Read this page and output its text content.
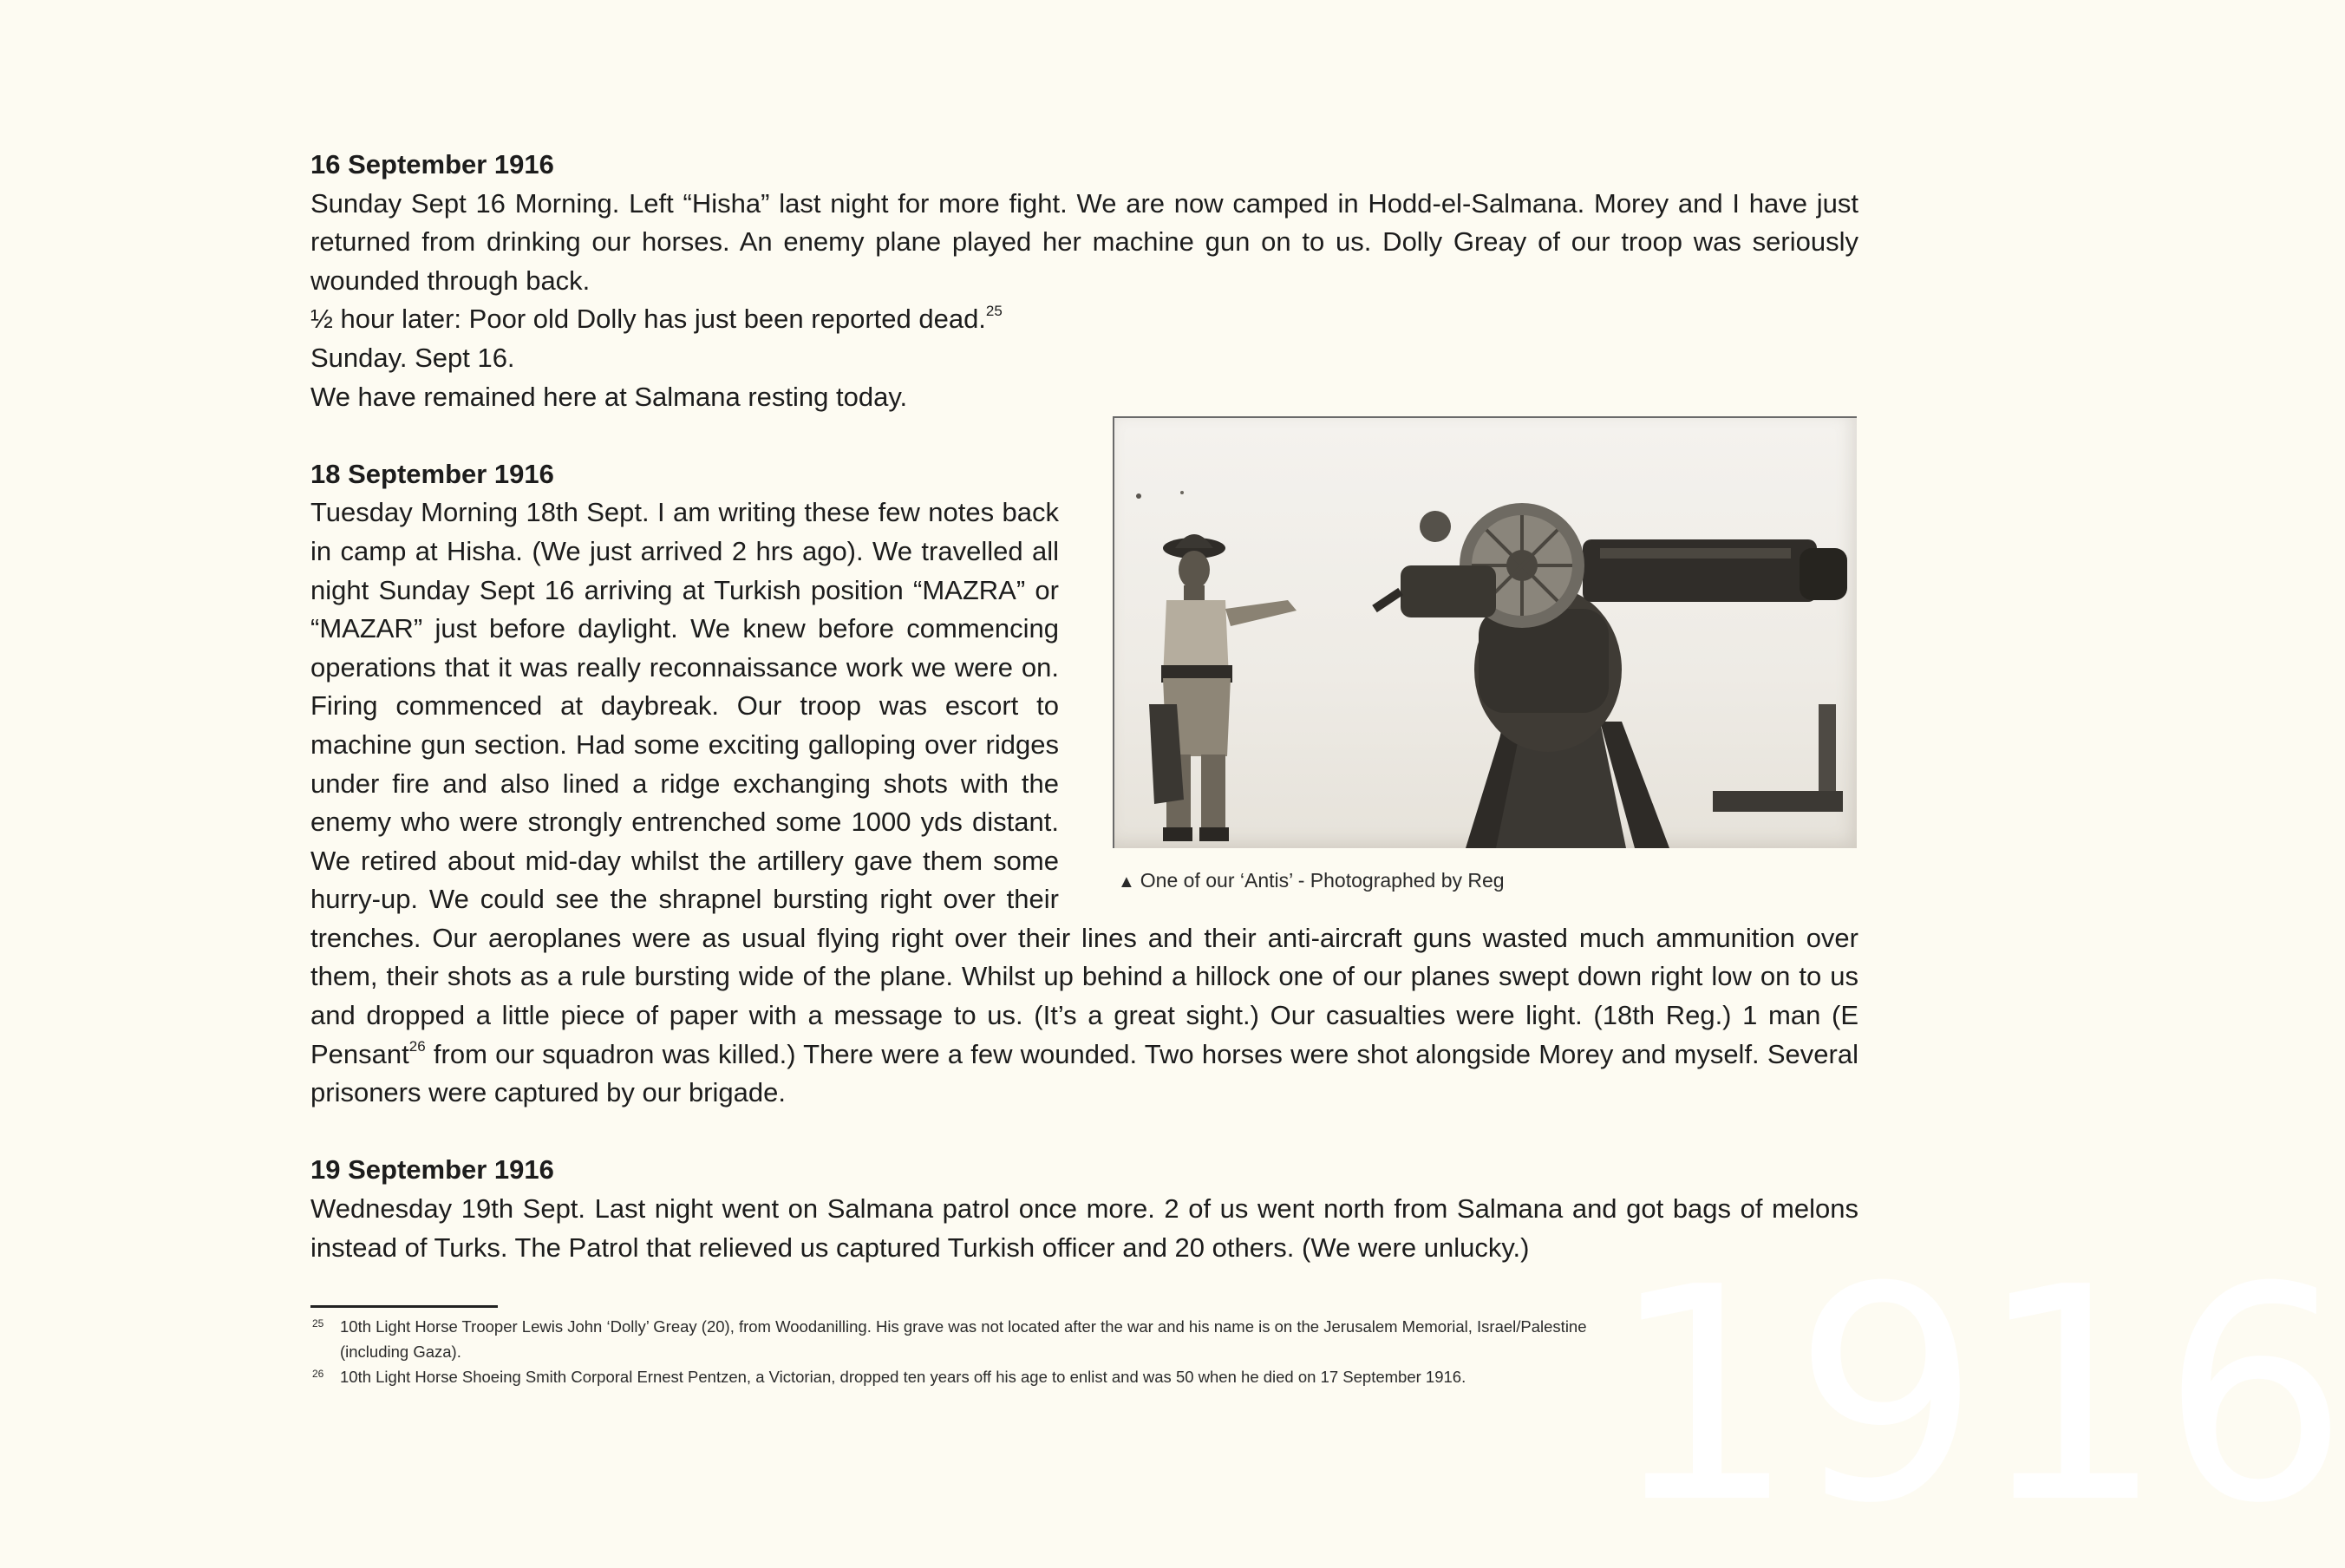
1916
16 September 1916

Sunday Sept 16 Morning. Left “Hisha” last night for more fight. We are now camped in Hodd-el-Salmana. Morey and I have just returned from drinking our horses. An enemy plane played her machine gun on to us. Dolly Greay of our troop was seriously wounded through back.

½ hour later: Poor old Dolly has just been reported dead.$^{25}$
Sunday. Sept 16.
We have remained here at Salmana resting today.
▲ One of our ‘Antis’ - Photographed by Reg
18 September 1916

Tuesday Morning 18th Sept. I am writing these few notes back in camp at Hisha. (We just arrived 2 hrs ago). We travelled all night Sunday Sept 16 arriving at Turkish position “MAZRA” or “MAZAR” just before daylight. We knew before commencing operations that it was really reconnaissance work we were on. Firing commenced at daybreak. Our troop was escort to machine gun section. Had some exciting galloping over ridges under fire and also lined a ridge exchanging shots with the enemy who were strongly entrenched some 1000 yds distant. We retired about mid-day whilst the artillery gave them some hurry-up. We could see the shrapnel bursting right over their trenches. Our aeroplanes were as usual flying right over their lines and their anti-aircraft guns wasted much ammunition over them, their shots as a rule bursting wide of the plane. Whilst up behind a hillock one of our planes swept down right low on to us and dropped a little piece of paper with a message to us. (It’s a great sight.) Our casualties were light. (18th Reg.) 1 man (E Pensant$^{26}$ from our squadron was killed.) There were a few wounded. Two horses were shot alongside Morey and myself. Several prisoners were captured by our brigade.

19 September 1916

Wednesday 19th Sept. Last night went on Salmana patrol once more. 2 of us went north from Salmana and got bags of melons instead of Turks. The Patrol that relieved us captured Turkish officer and 20 others. (We were unlucky.)

25 10th Light Horse Trooper Lewis John ‘Dolly’ Greay (20), from Woodanilling. His grave was not located after the war and his name is on the Jerusalem Memorial, Israel/Palestine (including Gaza).
26 10th Light Horse Shoeing Smith Corporal Ernest Pentzen, a Victorian, dropped ten years off his age to enlist and was 50 when he died on 17 September 1916.
